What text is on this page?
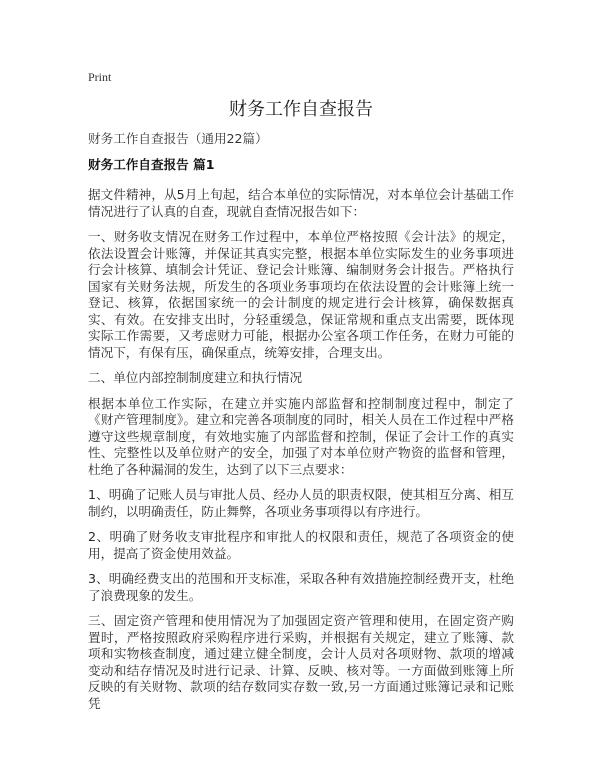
Print
财务工作自查报告

财务工作自查报告（通用22篇）

财务工作自查报告 篇1

据文件精神，从5月上旬起，结合本单位的实际情况，对本单位会计基础工作情况进行了认真的自查，现就自查情况报告如下：

一、财务收支情况在财务工作过程中，本单位严格按照《会计法》的规定，依法设置会计账簿，并保证其真实完整，根据本单位实际发生的业务事项进行会计核算、填制会计凭证、登记会计账簿、编制财务会计报告。严格执行国家有关财务法规，所发生的各项业务事项均在依法设置的会计账簿上统一登记、核算，依据国家统一的会计制度的规定进行会计核算，确保数据真实、有效。在安排支出时，分轻重缓急，保证常规和重点支出需要，既体现实际工作需要，又考虑财力可能，根据办公室各项工作任务，在财力可能的情况下，有保有压，确保重点，统筹安排，合理支出。

二、单位内部控制制度建立和执行情况

根据本单位工作实际，在建立并实施内部监督和控制制度过程中，制定了《财产管理制度》。建立和完善各项制度的同时，相关人员在工作过程中严格遵守这些规章制度，有效地实施了内部监督和控制，保证了会计工作的真实性、完整性以及单位财产的安全，加强了对本单位财产物资的监督和管理，杜绝了各种漏洞的发生，达到了以下三点要求：

1、明确了记账人员与审批人员、经办人员的职责权限，使其相互分离、相互制约，以明确责任，防止舞弊，各项业务事项得以有序进行。

2、明确了财务收支审批程序和审批人的权限和责任，规范了各项资金的使用，提高了资金使用效益。

3、明确经费支出的范围和开支标准，采取各种有效措施控制经费开支，杜绝了浪费现象的发生。

三、固定资产管理和使用情况为了加强固定资产管理和使用，在固定资产购置时，严格按照政府采购程序进行采购，并根据有关规定，建立了账簿、款项和实物核查制度，通过建立健全制度，会计人员对各项财物、款项的增减变动和结存情况及时进行记录、计算、反映、核对等。一方面做到账簿上所反映的有关财物、款项的结存数同实存数一致,另一方面通过账簿记录和记账凭
